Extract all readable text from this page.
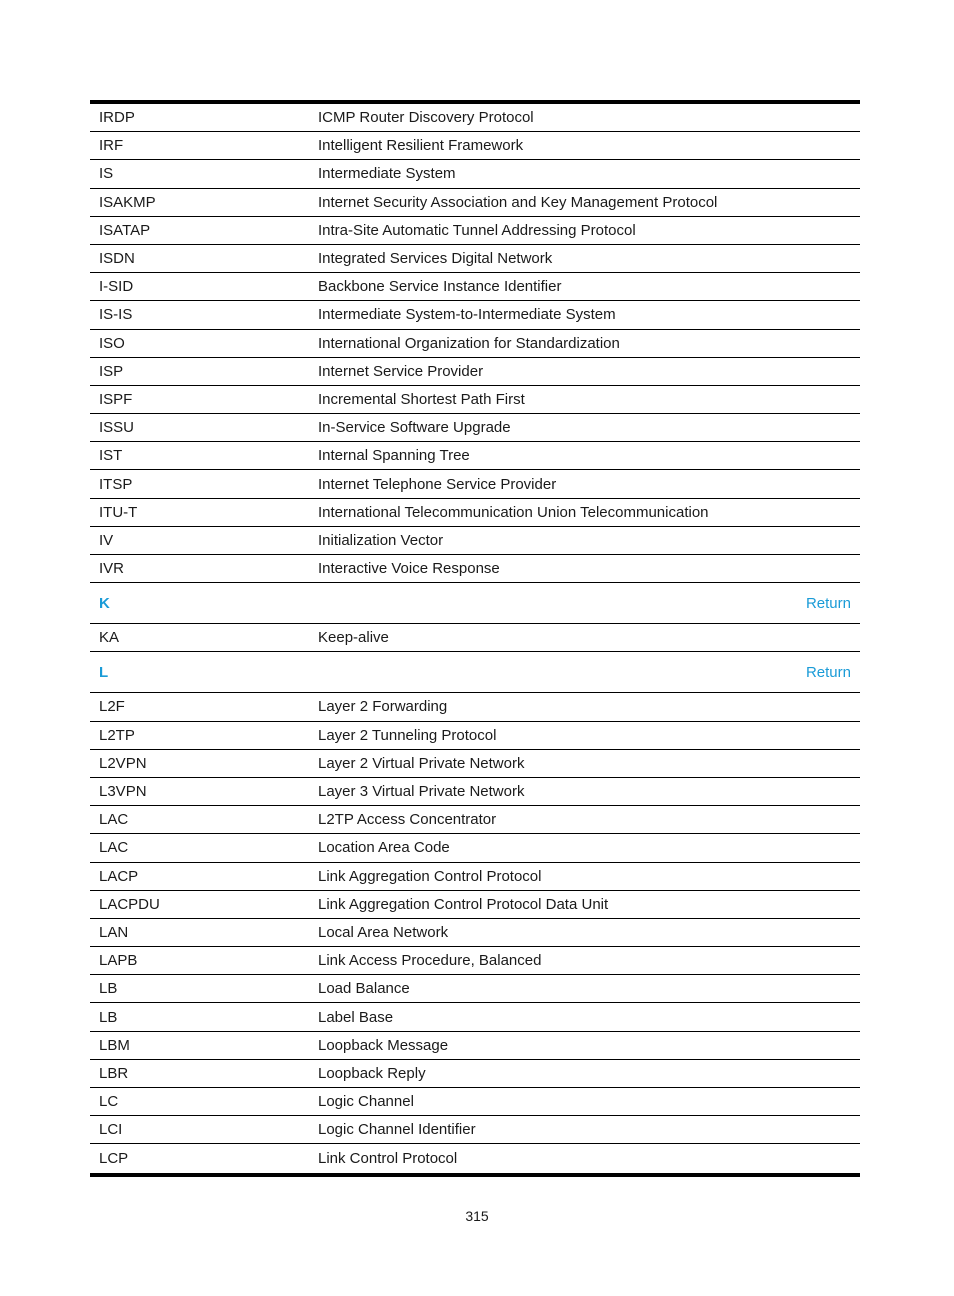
IRDP	ICMP Router Discovery Protocol
IRF	Intelligent Resilient Framework
IS	Intermediate System
ISAKMP	Internet Security Association and Key Management Protocol
ISATAP	Intra-Site Automatic Tunnel Addressing Protocol
ISDN	Integrated Services Digital Network
I-SID	Backbone Service Instance Identifier
IS-IS	Intermediate System-to-Intermediate System
ISO	International Organization for Standardization
ISP	Internet Service Provider
ISPF	Incremental Shortest Path First
ISSU	In-Service Software Upgrade
IST	Internal Spanning Tree
ITSP	Internet Telephone Service Provider
ITU-T	International Telecommunication Union Telecommunication
IV	Initialization Vector
IVR	Interactive Voice Response
K	Return
KA	Keep-alive
L	Return
L2F	Layer 2 Forwarding
L2TP	Layer 2 Tunneling Protocol
L2VPN	Layer 2 Virtual Private Network
L3VPN	Layer 3 Virtual Private Network
LAC	L2TP Access Concentrator
LAC	Location Area Code
LACP	Link Aggregation Control Protocol
LACPDU	Link Aggregation Control Protocol Data Unit
LAN	Local Area Network
LAPB	Link Access Procedure, Balanced
LB	Load Balance
LB	Label Base
LBM	Loopback Message
LBR	Loopback Reply
LC	Logic Channel
LCI	Logic Channel Identifier
LCP	Link Control Protocol
315
